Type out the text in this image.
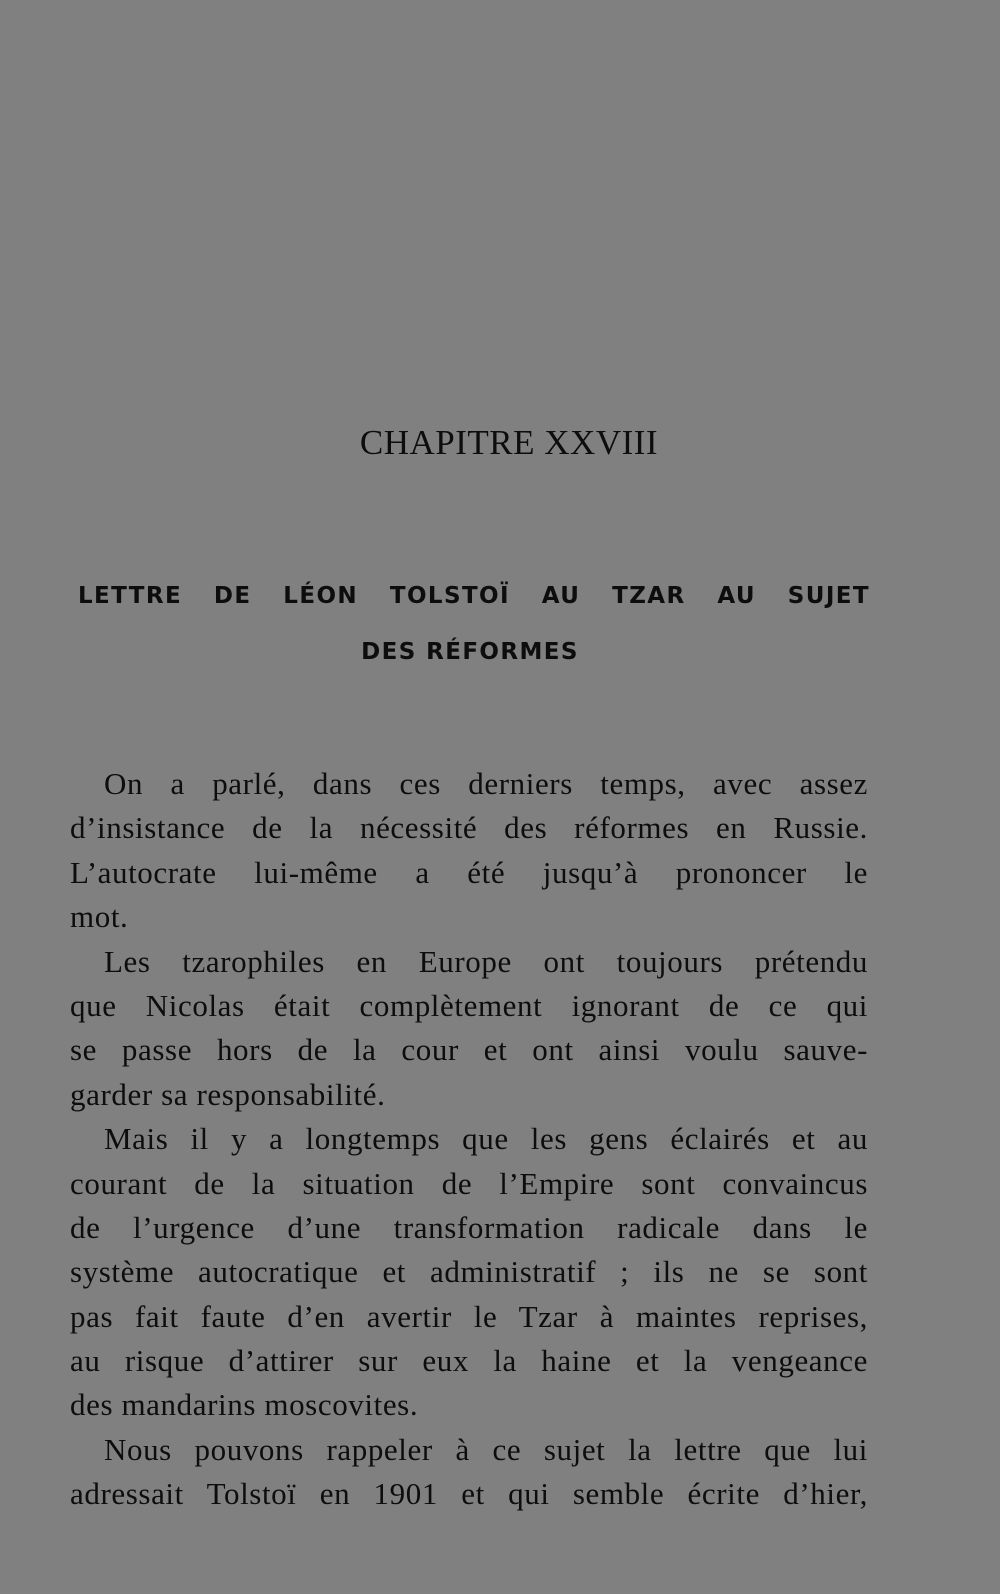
CHAPITRE XXVIII
LETTRE DE LÉON TOLSTOÏ AU TZAR AU SUJET
DES RÉFORMES
On a parlé, dans ces derniers temps, avec assez
d’insistance de la nécessité des réformes en Russie.
L’autocrate lui-même a été jusqu’à prononcer le
mot.
Les tzarophiles en Europe ont toujours prétendu
que Nicolas était complètement ignorant de ce qui
se passe hors de la cour et ont ainsi voulu sauve-
garder sa responsabilité.
Mais il y a longtemps que les gens éclairés et au
courant de la situation de l’Empire sont convaincus
de l’urgence d’une transformation radicale dans le
système autocratique et administratif ; ils ne se sont
pas fait faute d’en avertir le Tzar à maintes reprises,
au risque d’attirer sur eux la haine et la vengeance
des mandarins moscovites.
Nous pouvons rappeler à ce sujet la lettre que lui
adressait Tolstoï en 1901 et qui semble écrite d’hier,
